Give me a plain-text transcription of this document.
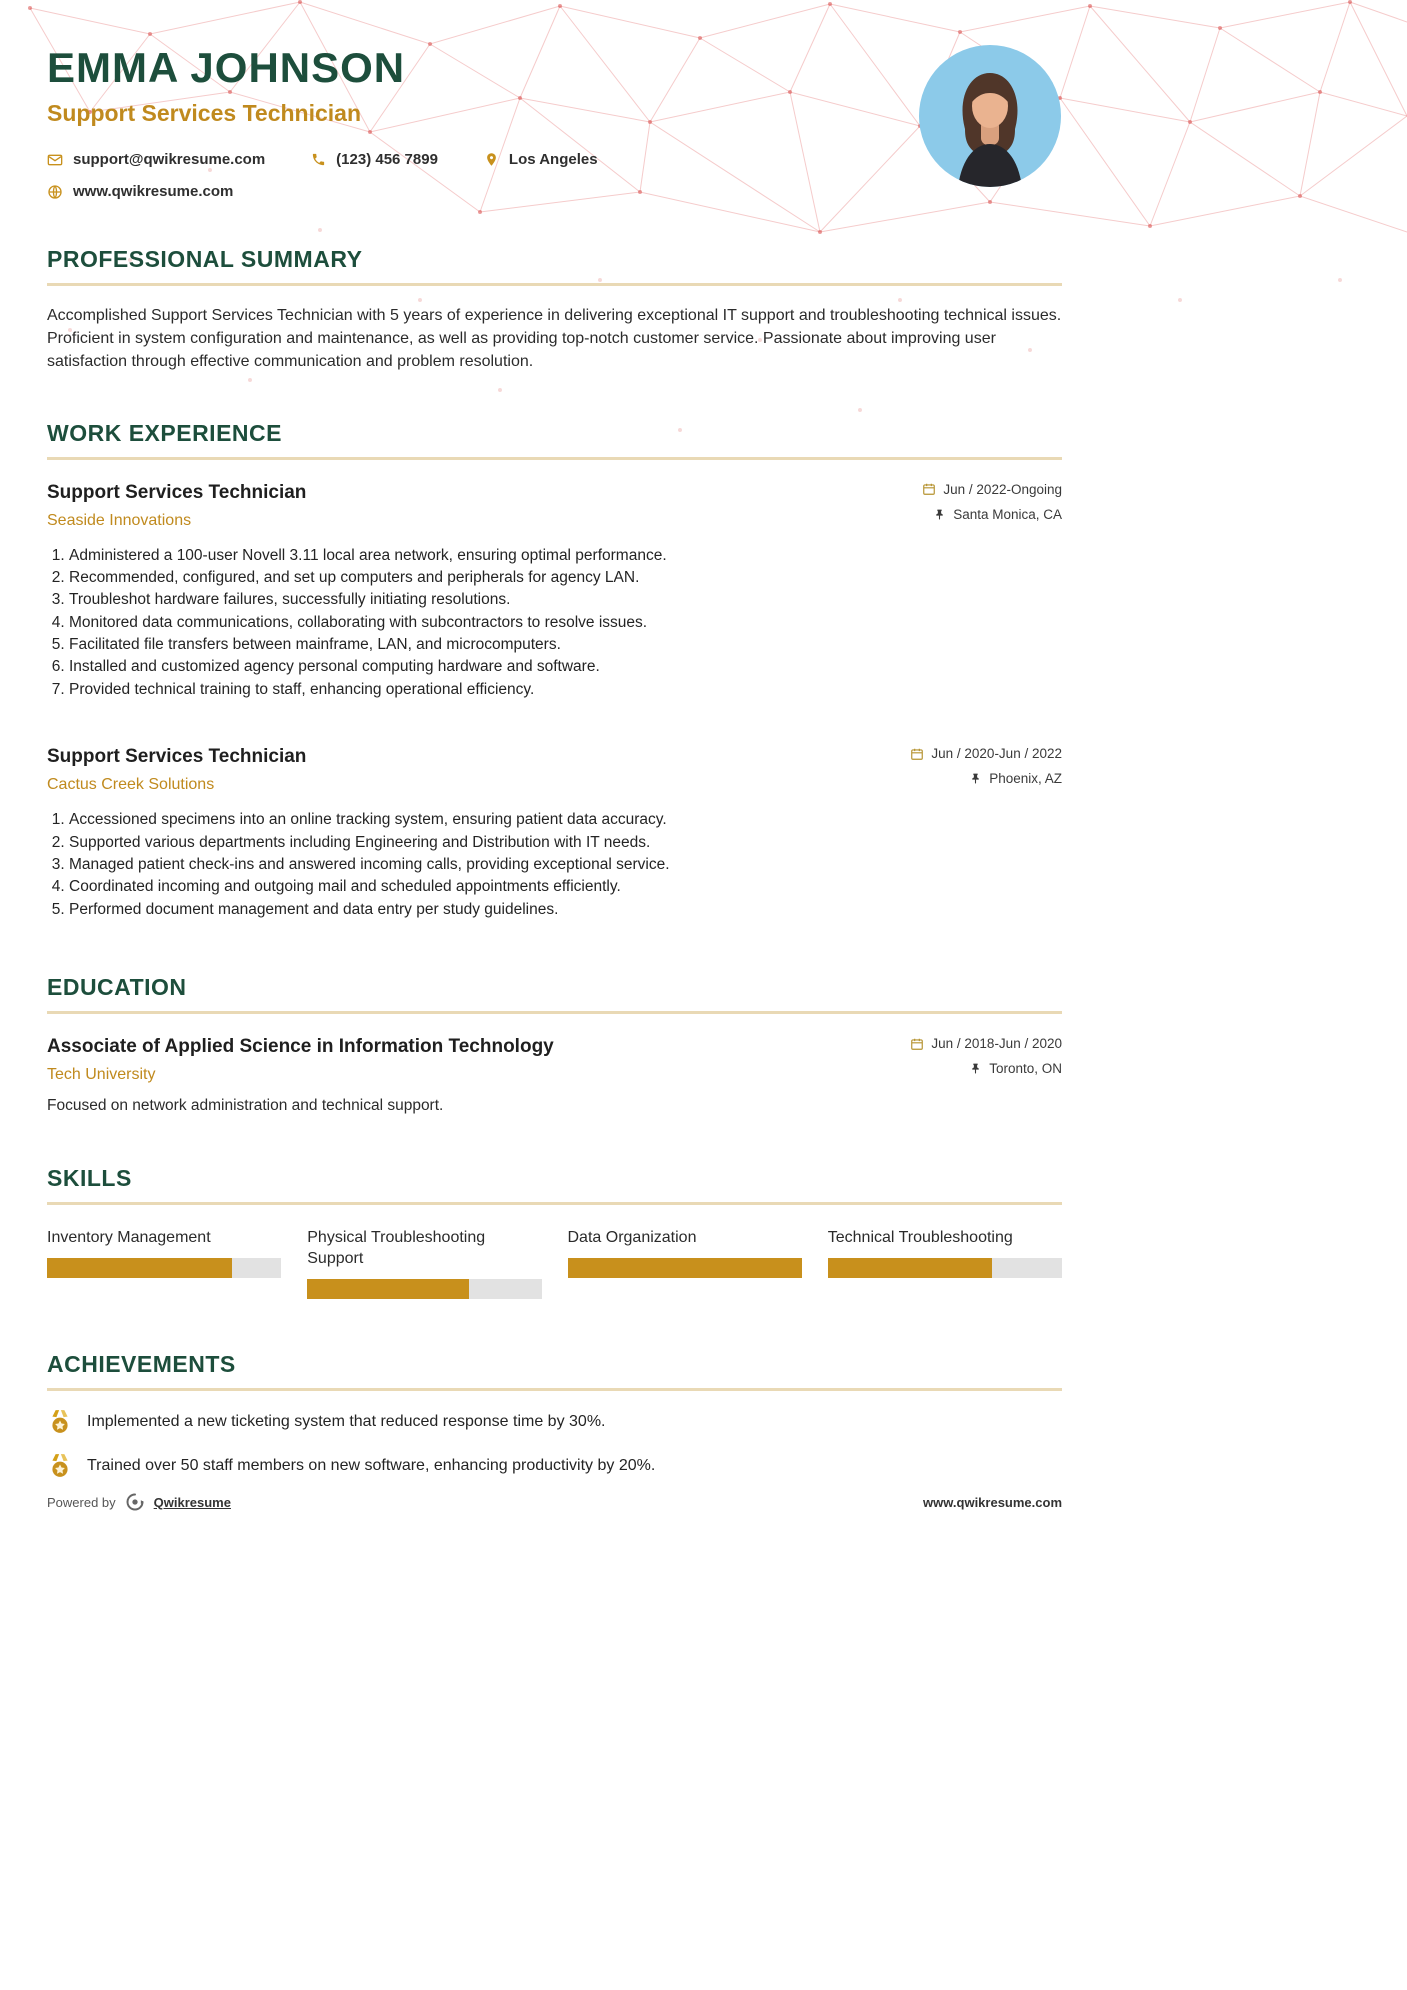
EMMA JOHNSON
Support Services Technician
support@qwikresume.com	(123) 456 7899	Los Angeles
www.qwikresume.com
PROFESSIONAL SUMMARY

Accomplished Support Services Technician with 5 years of experience in delivering exceptional IT support and troubleshooting technical issues. Proficient in system configuration and maintenance, as well as providing top-notch customer service. Passionate about improving user satisfaction through effective communication and problem resolution.

WORK EXPERIENCE
Support Services Technician
Seaside Innovations
Jun / 2022-Ongoing
Santa Monica, CA
1. Administered a 100-user Novell 3.11 local area network, ensuring optimal performance.
2. Recommended, configured, and set up computers and peripherals for agency LAN.
3. Troubleshot hardware failures, successfully initiating resolutions.
4. Monitored data communications, collaborating with subcontractors to resolve issues.
5. Facilitated file transfers between mainframe, LAN, and microcomputers.
6. Installed and customized agency personal computing hardware and software.
7. Provided technical training to staff, enhancing operational efficiency.
Support Services Technician
Cactus Creek Solutions
Jun / 2020-Jun / 2022
Phoenix, AZ
1. Accessioned specimens into an online tracking system, ensuring patient data accuracy.
2. Supported various departments including Engineering and Distribution with IT needs.
3. Managed patient check-ins and answered incoming calls, providing exceptional service.
4. Coordinated incoming and outgoing mail and scheduled appointments efficiently.
5. Performed document management and data entry per study guidelines.
EDUCATION
Associate of Applied Science in Information Technology
Tech University
Jun / 2018-Jun / 2020
Toronto, ON

Focused on network administration and technical support.

SKILLS
Inventory Management	Physical Troubleshooting Support
Data Organization	Technical Troubleshooting
ACHIEVEMENTS
Implemented a new ticketing system that reduced response time by 30%.
Trained over 50 staff members on new software, enhancing productivity by 20%.
Powered by	Qwikresume	www.qwikresume.com
